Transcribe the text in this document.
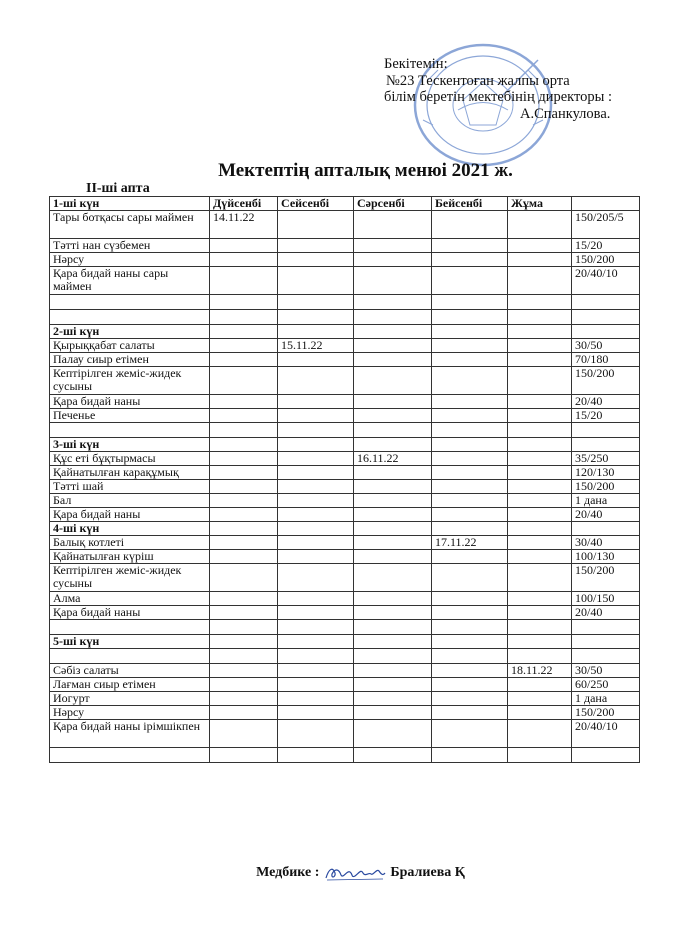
Бекітемін:
№23 Тескентоған жалпы орта
білім беретін мектебінің директоры :
А.Спанкулова.
Мектептің апталық менюі 2021 ж.
ІІ-ші апта
1-ші күн	Дүйсенбі	Сейсенбі	Сәрсенбі	Бейсенбі	Жұма	
Тары ботқасы сары маймен	14.11.22					150/205/5
Тәтті нан сүзбемен						15/20
Нәрсу						150/200
Қара бидай наны сары маймен						20/40/10

2-ші күн						
Қырыққабат салаты		15.11.22				30/50
Палау сиыр етімен						70/180
Кептірілген жеміс-жидек сусыны						150/200
Қара бидай наны						20/40
Печенье						15/20

3-ші күн						
Құс еті бұқтырмасы			16.11.22			35/250
Қайнатылған карақұмық						120/130
Тәтті шай						150/200
Бал						1 дана
Қара бидай наны						20/40
4-ші күн						
Балық котлеті				17.11.22		30/40
Қайнатылған күріш						100/130
Кептірілген жеміс-жидек сусыны						150/200
Алма						100/150
Қара бидай наны						20/40

5-ші күн						

Сәбіз салаты					18.11.22	30/50
Лағман сиыр етімен						60/250
Иогурт						1 дана
Нәрсу						150/200
Қара бидай наны ірімшікпен						20/40/10

Медбике :	Бралиева Қ
